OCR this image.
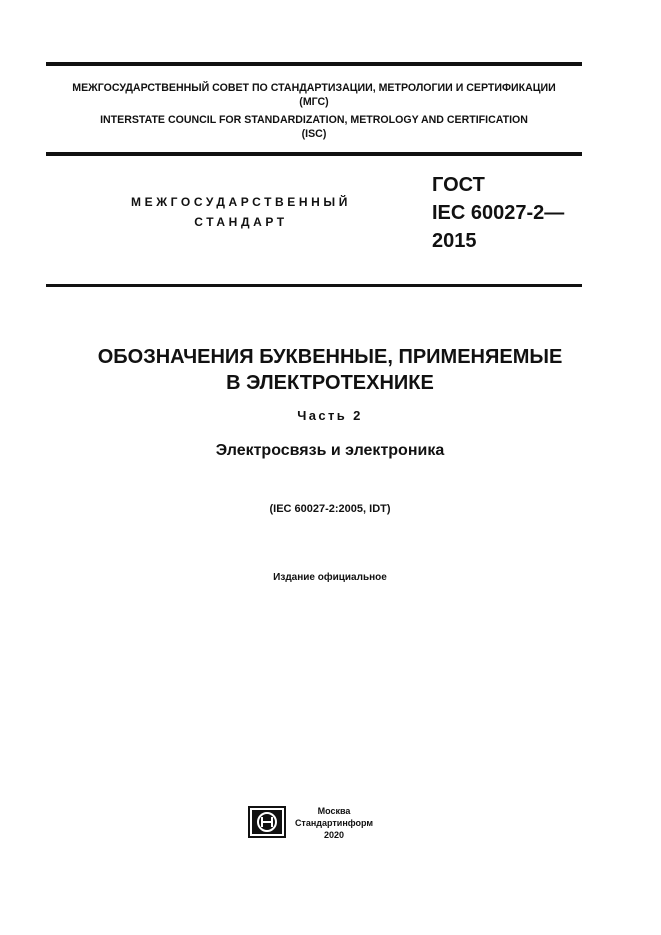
МЕЖГОСУДАРСТВЕННЫЙ СОВЕТ ПО СТАНДАРТИЗАЦИИ, МЕТРОЛОГИИ И СЕРТИФИКАЦИИ
(МГС)
INTERSTATE COUNCIL FOR STANDARDIZATION, METROLOGY AND CERTIFICATION
(ISC)
МЕЖГОСУДАРСТВЕННЫЙ
СТАНДАРТ
ГОСТ
IEC 60027-2—
2015
ОБОЗНАЧЕНИЯ БУКВЕННЫЕ, ПРИМЕНЯЕМЫЕ
В ЭЛЕКТРОТЕХНИКЕ
Часть 2
Электросвязь и электроника
(IEC 60027-2:2005, IDT)
Издание официальное
Москва
Стандартинформ
2020
